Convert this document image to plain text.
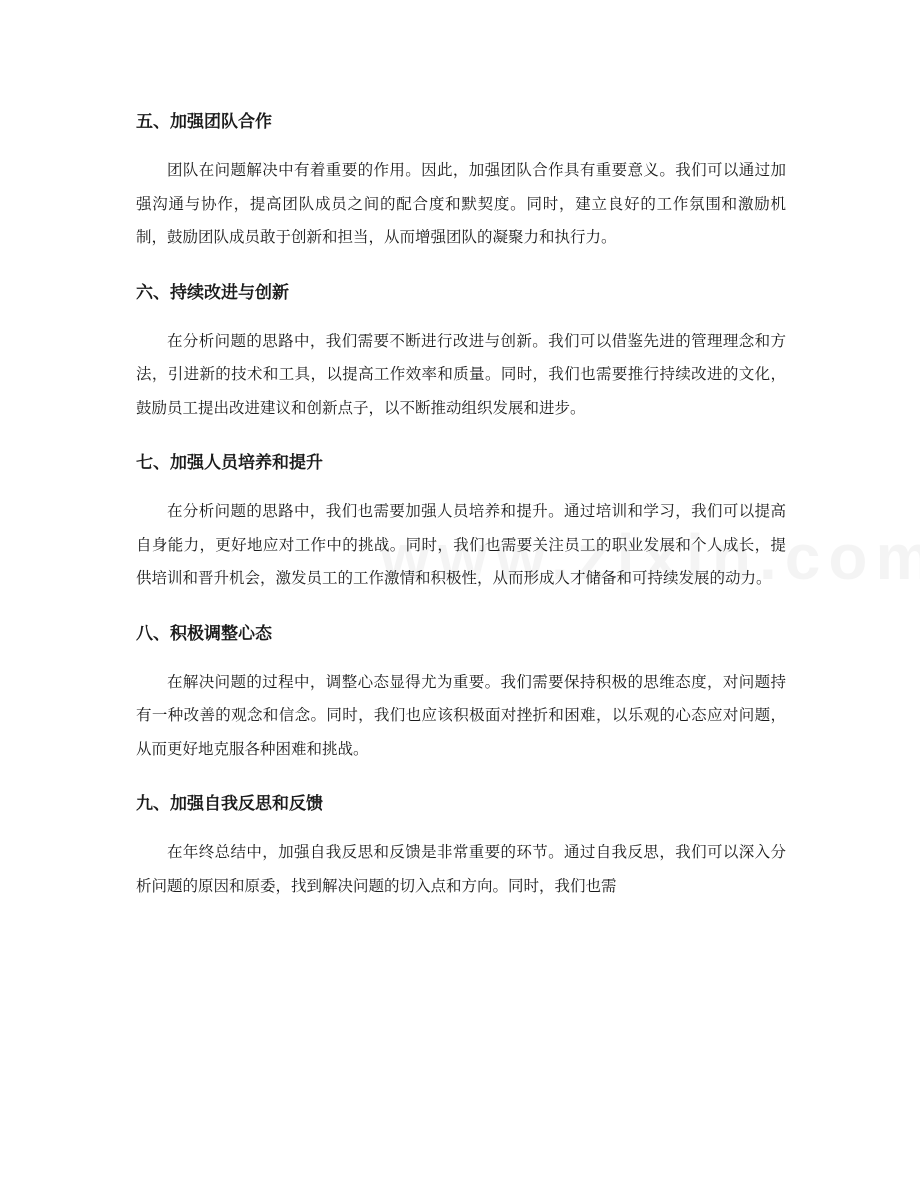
五、加强团队合作

团队在问题解决中有着重要的作用。因此，加强团队合作具有重要意义。我们可以通过加强沟通与协作，提高团队成员之间的配合度和默契度。同时，建立良好的工作氛围和激励机制，鼓励团队成员敢于创新和担当，从而增强团队的凝聚力和执行力。

六、持续改进与创新

在分析问题的思路中，我们需要不断进行改进与创新。我们可以借鉴先进的管理理念和方法，引进新的技术和工具，以提高工作效率和质量。同时，我们也需要推行持续改进的文化，鼓励员工提出改进建议和创新点子，以不断推动组织发展和进步。

七、加强人员培养和提升

在分析问题的思路中，我们也需要加强人员培养和提升。通过培训和学习，我们可以提高自身能力，更好地应对工作中的挑战。同时，我们也需要关注员工的职业发展和个人成长，提供培训和晋升机会，激发员工的工作激情和积极性，从而形成人才储备和可持续发展的动力。

八、积极调整心态

在解决问题的过程中，调整心态显得尤为重要。我们需要保持积极的思维态度，对问题持有一种改善的观念和信念。同时，我们也应该积极面对挫折和困难，以乐观的心态应对问题，从而更好地克服各种困难和挑战。

九、加强自我反思和反馈

在年终总结中，加强自我反思和反馈是非常重要的环节。通过自我反思，我们可以深入分析问题的原因和原委，找到解决问题的切入点和方向。同时，我们也需
